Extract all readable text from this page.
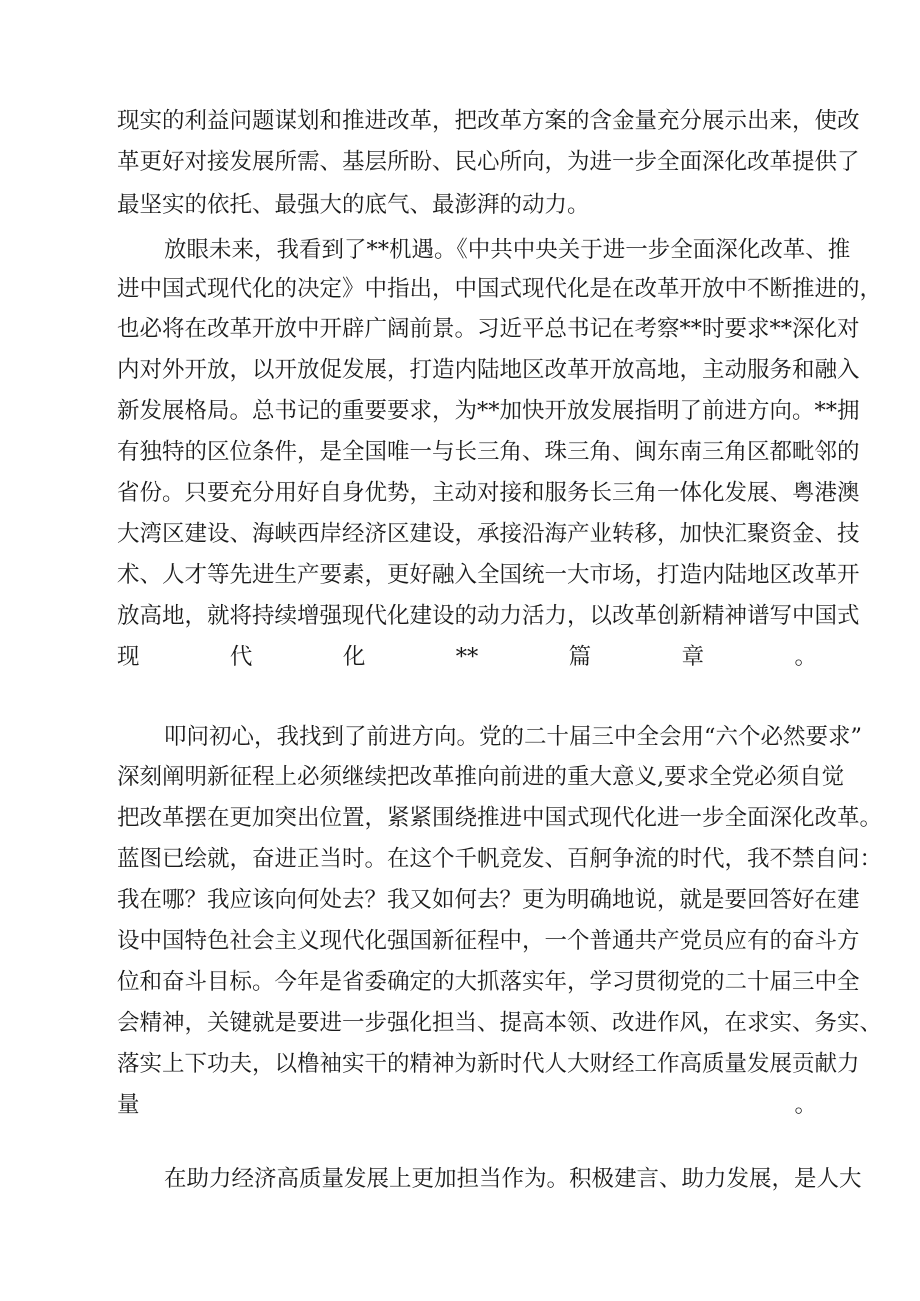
现实的利益问题谋划和推进改革，把改革方案的含金量充分展示出来，使改
革更好对接发展所需、基层所盼、民心所向，为进一步全面深化改革提供了
最坚实的依托、最强大的底气、最澎湃的动力。
放眼未来，我看到了**机遇。《中共中央关于进一步全面深化改革、推
进中国式现代化的决定》中指出，中国式现代化是在改革开放中不断推进的，
也必将在改革开放中开辟广阔前景。习近平总书记在考察**时要求**深化对
内对外开放，以开放促发展，打造内陆地区改革开放高地，主动服务和融入
新发展格局。总书记的重要要求，为**加快开放发展指明了前进方向。**拥
有独特的区位条件，是全国唯一与长三角、珠三角、闽东南三角区都毗邻的
省份。只要充分用好自身优势，主动对接和服务长三角一体化发展、粤港澳
大湾区建设、海峡西岸经济区建设，承接沿海产业转移，加快汇聚资金、技
术、人才等先进生产要素，更好融入全国统一大市场，打造内陆地区改革开
放高地，就将持续增强现代化建设的动力活力，以改革创新精神谱写中国式
现代化**篇章。
叩问初心，我找到了前进方向。党的二十届三中全会用“六个必然要求”
深刻阐明新征程上必须继续把改革推向前进的重大意义,要求全党必须自觉
把改革摆在更加突出位置，紧紧围绕推进中国式现代化进一步全面深化改革。
蓝图已绘就，奋进正当时。在这个千帆竞发、百舸争流的时代，我不禁自问：
我在哪？我应该向何处去？我又如何去？更为明确地说，就是要回答好在建
设中国特色社会主义现代化强国新征程中，一个普通共产党员应有的奋斗方
位和奋斗目标。今年是省委确定的大抓落实年，学习贯彻党的二十届三中全
会精神，关键就是要进一步强化担当、提高本领、改进作风，在求实、务实、
落实上下功夫，以橹袖实干的精神为新时代人大财经工作高质量发展贡献力
量。
在助力经济高质量发展上更加担当作为。积极建言、助力发展，是人大
